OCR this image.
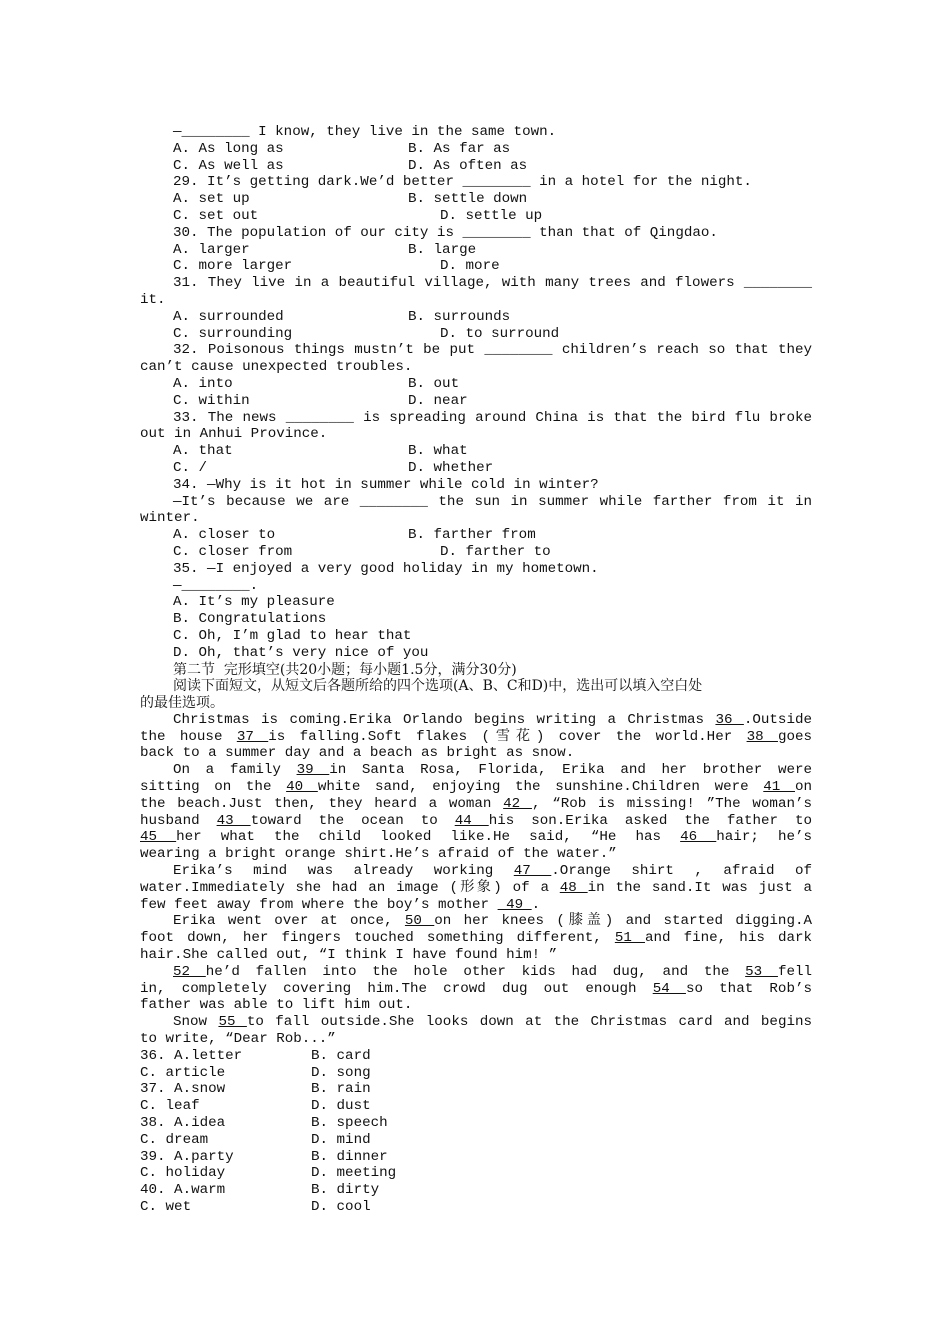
—________ I know, they live in the same town.
A. As long as	B. As far as
C. As well as	D. As often as
29. It’s getting dark.We’d better ________ in a hotel for the night.
A. set up	B. settle down
C. set out	D. settle up
30. The population of our city is ________ than that of Qingdao.
A. larger	B. large
C. more larger	D. more
31. They live in a beautiful village, with many trees and flowers ________
it.
A. surrounded	B. surrounds
C. surrounding	D. to surround
32. Poisonous things mustn’t be put ________ children’s reach so that they
can’t cause unexpected troubles.
A. into	B. out
C. within	D. near
33. The news ________ is spreading around China is that the bird flu broke
out in Anhui Province.
A. that	B. what
C. /	D. whether
34. —Why is it hot in summer while cold in winter?
—It’s because we are ________ the sun in summer while farther from it in
winter.
A. closer to	B. farther from
C. closer from	D. farther to
35. —I enjoyed a very good holiday in my hometown.
—________.
A. It’s my pleasure
B. Congratulations
C. Oh, I’m glad to hear that
D. Oh, that’s very nice of you
第二节  完形填空(共20小题；每小题1.5分，满分30分)
阅读下面短文，从短文后各题所给的四个选项(A、B、C和D)中，选出可以填入空白处
的最佳选项。
Christmas is coming.Erika Orlando begins writing a Christmas 36 .Outside
the house 37 is falling.Soft flakes (雪花) cover the world.Her 38 goes
back to a summer day and a beach as bright as snow.
On a family 39 in Santa Rosa, Florida, Erika and her brother were
sitting on the 40 white sand, enjoying the sunshine.Children were 41 on
the beach.Just then, they heard a woman 42 , “Rob is missing! ”The woman’s
husband 43 toward the ocean to 44 his son.Erika asked the father to
45 her what the child looked like.He said, “He has 46 hair; he’s
wearing a bright orange shirt.He’s afraid of the water.”
Erika’s mind was already working 47 .Orange shirt , afraid of
water.Immediately she had an image (形象) of a 48 in the sand.It was just a
few feet away from where the boy’s mother  49 .
Erika went over at once, 50 on her knees (膝盖) and started digging.A
foot down, her fingers touched something different, 51 and fine, his dark
hair.She called out, “I think I have found him! ”
52 he’d fallen into the hole other kids had dug, and the 53 fell
in, completely covering him.The crowd dug out enough 54 so that Rob’s
father was able to lift him out.
Snow 55 to fall outside.She looks down at the Christmas card and begins
to write, “Dear Rob...”
36. A.letter	B. card
C. article	D. song
37. A.snow	B. rain
C. leaf	D. dust
38. A.idea	B. speech
C. dream	D. mind
39. A.party	B. dinner
C. holiday	D. meeting
40. A.warm	B. dirty
C. wet	D. cool
